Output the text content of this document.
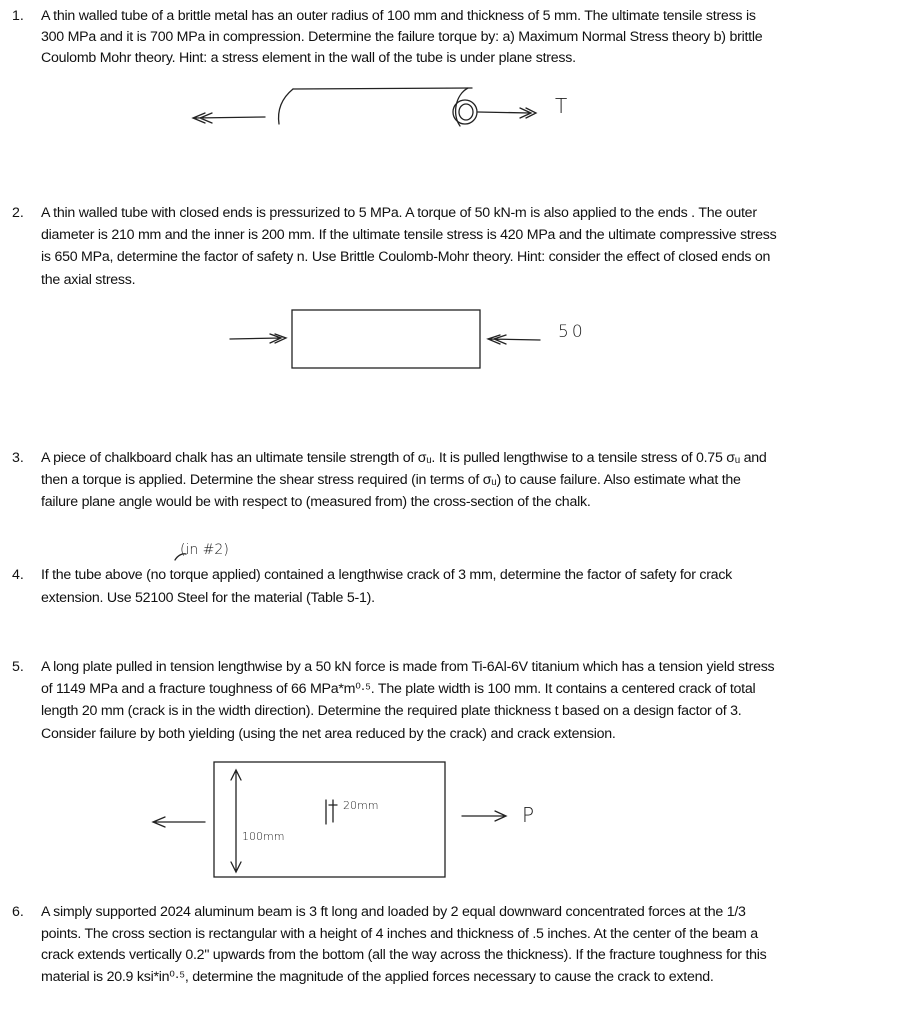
1. A thin walled tube of a brittle metal has an outer radius of 100 mm and thickness of 5 mm. The ultimate tensile stress is
300 MPa and it is 700 MPa in compression. Determine the failure torque by: a) Maximum Normal Stress theory b) brittle
Coulomb Mohr theory. Hint: a stress element in the wall of the tube is under plane stress.
2. A thin walled tube with closed ends is pressurized to 5 MPa. A torque of 50 kN-m is also applied to the ends . The outer
diameter is 210 mm and the inner is 200 mm. If the ultimate tensile stress is 420 MPa and the ultimate compressive stress
is 650 MPa, determine the factor of safety n. Use Brittle Coulomb-Mohr theory. Hint: consider the effect of closed ends on
the axial stress.
3. A piece of chalkboard chalk has an ultimate tensile strength of σᵤ. It is pulled lengthwise to a tensile stress of 0.75 σᵤ and
then a torque is applied. Determine the shear stress required (in terms of σᵤ) to cause failure. Also estimate what the
failure plane angle would be with respect to (measured from) the cross-section of the chalk.
4. If the tube above (no torque applied) contained a lengthwise crack of 3 mm, determine the factor of safety for crack
extension. Use 52100 Steel for the material (Table 5-1).
5. A long plate pulled in tension lengthwise by a 50 kN force is made from Ti-6Al-6V titanium which has a tension yield stress
of 1149 MPa and a fracture toughness of 66 MPa*m⁰·⁵. The plate width is 100 mm. It contains a centered crack of total
length 20 mm (crack is in the width direction). Determine the required plate thickness t based on a design factor of 3.
Consider failure by both yielding (using the net area reduced by the crack) and crack extension.
6. A simply supported 2024 aluminum beam is 3 ft long and loaded by 2 equal downward concentrated forces at the 1/3
points. The cross section is rectangular with a height of 4 inches and thickness of .5 inches. At the center of the beam a
crack extends vertically 0.2" upwards from the bottom (all the way across the thickness). If the fracture toughness for this
material is 20.9 ksi*in⁰·⁵, determine the magnitude of the applied forces necessary to cause the crack to extend.
T
50
(in #2)
20mm
100mm
P
